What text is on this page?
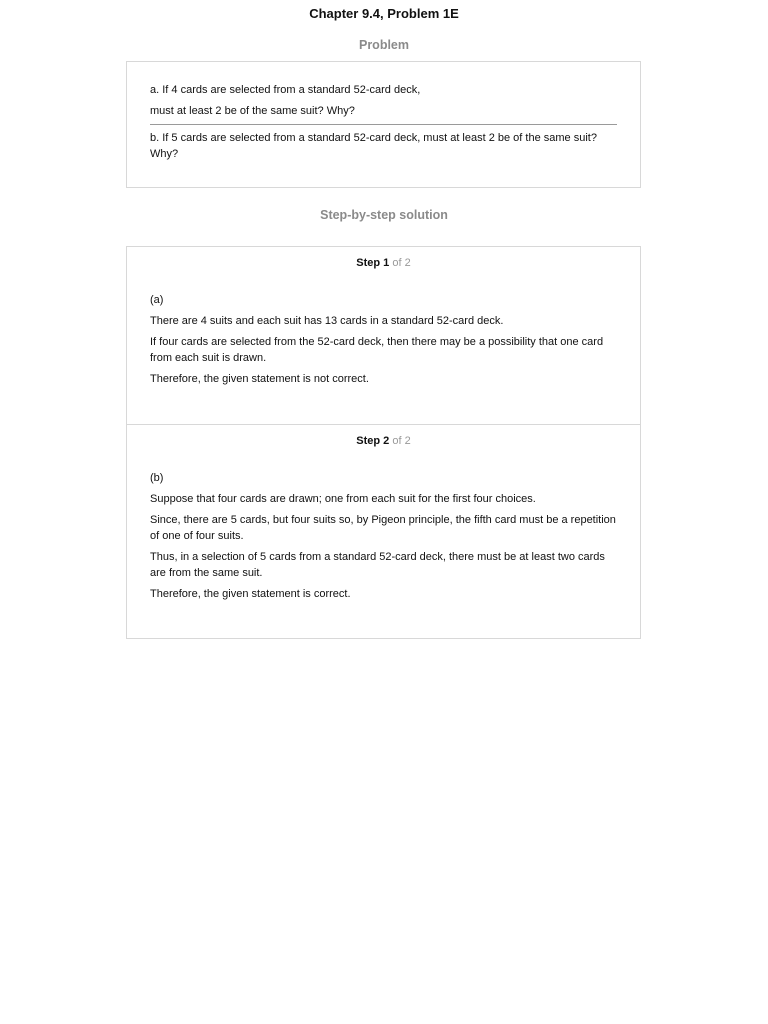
Chapter 9.4, Problem 1E
Problem

a. If 4 cards are selected from a standard 52-card deck,

must at least 2 be of the same suit? Why?

b. If 5 cards are selected from a standard 52-card deck, must at least 2 be of the same suit? Why?

Step-by-step solution
Step 1 of 2

(a)

There are 4 suits and each suit has 13 cards in a standard 52-card deck.

If four cards are selected from the 52-card deck, then there may be a possibility that one card from each suit is drawn.

Therefore, the given statement is not correct.

Step 2 of 2

(b)

Suppose that four cards are drawn; one from each suit for the first four choices.

Since, there are 5 cards, but four suits so, by Pigeon principle, the fifth card must be a repetition of one of four suits.

Thus, in a selection of 5 cards from a standard 52-card deck, there must be at least two cards are from the same suit.

Therefore, the given statement is correct.
